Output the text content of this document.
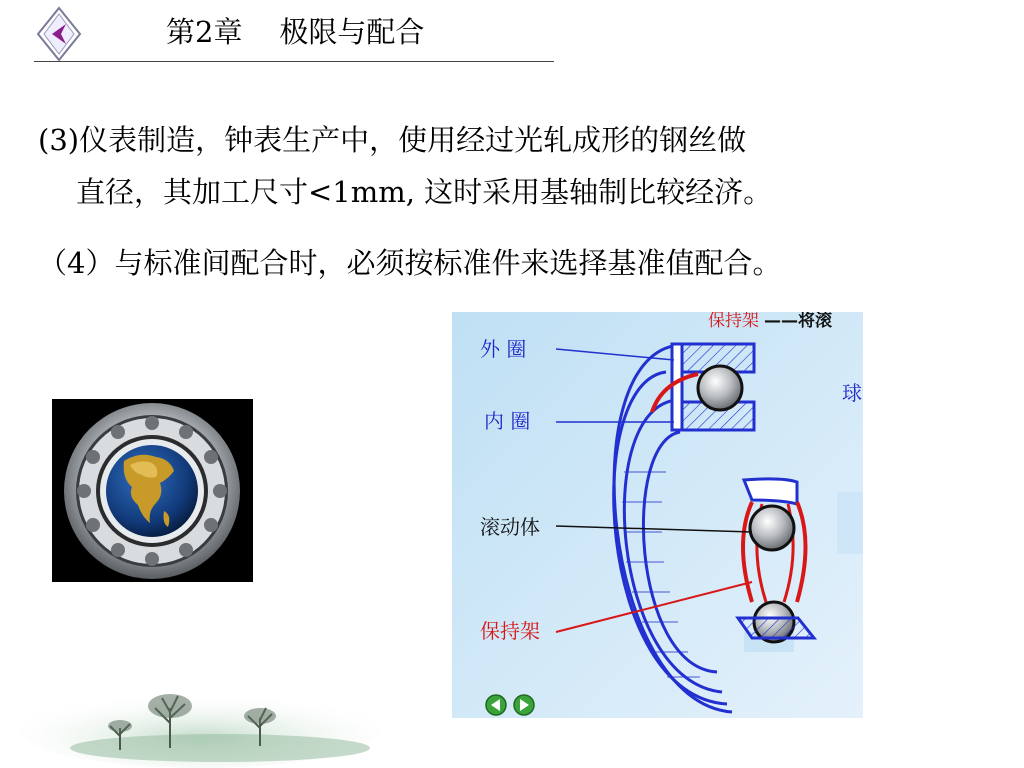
第2章 极限与配合
(3)仪表制造，钟表生产中，使用经过光轧成形的钢丝做
直径，其加工尺寸<1mm, 这时采用基轴制比较经济。
（4）与标准间配合时，必须按标准件来选择基准值配合。
保持架 ——将滚
球
外 圈
内 圈
滚动体
保持架
